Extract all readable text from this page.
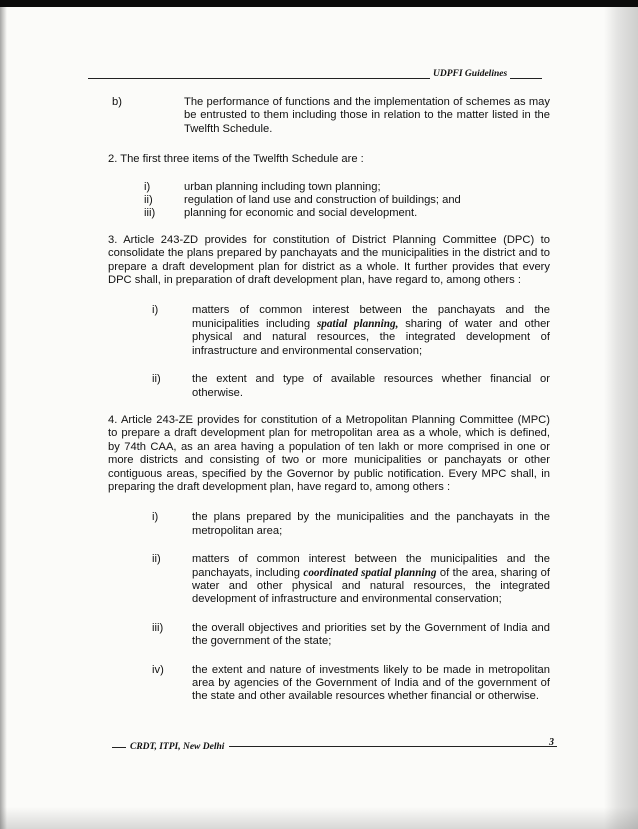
UDPFI Guidelines
b)	The performance of functions and the implementation of schemes as may be entrusted to them including those in relation to the matter listed in the Twelfth Schedule.
2. The first three items of the Twelfth Schedule are :
i)	urban planning including town planning;
ii)	regulation of land use and construction of buildings; and
iii)	planning for economic and social development.
3. Article 243-ZD provides for constitution of District Planning Committee (DPC) to consolidate the plans prepared by panchayats and the municipalities in the district and to prepare a draft development plan for district as a whole. It further provides that every DPC shall, in preparation of draft development plan, have regard to, among others :
i)	matters of common interest between the panchayats and the municipalities including spatial planning, sharing of water and other physical and natural resources, the integrated development of infrastructure and environmental conservation;
ii)	the extent and type of available resources whether financial or otherwise.
4. Article 243-ZE provides for constitution of a Metropolitan Planning Committee (MPC) to prepare a draft development plan for metropolitan area as a whole, which is defined, by 74th CAA, as an area having a population of ten lakh or more comprised in one or more districts and consisting of two or more municipalities or panchayats or other contiguous areas, specified by the Governor by public notification. Every MPC shall, in preparing the draft development plan, have regard to, among others :
i)	the plans prepared by the municipalities and the panchayats in the metropolitan area;
ii)	matters of common interest between the municipalities and the panchayats, including coordinated spatial planning of the area, sharing of water and other physical and natural resources, the integrated development of infrastructure and environmental conservation;
iii)	the overall objectives and priorities set by the Government of India and the government of the state;
iv)	the extent and nature of investments likely to be made in metropolitan area by agencies of the Government of India and of the government of the state and other available resources whether financial or otherwise.
CRDT, ITPI, New Delhi	3
